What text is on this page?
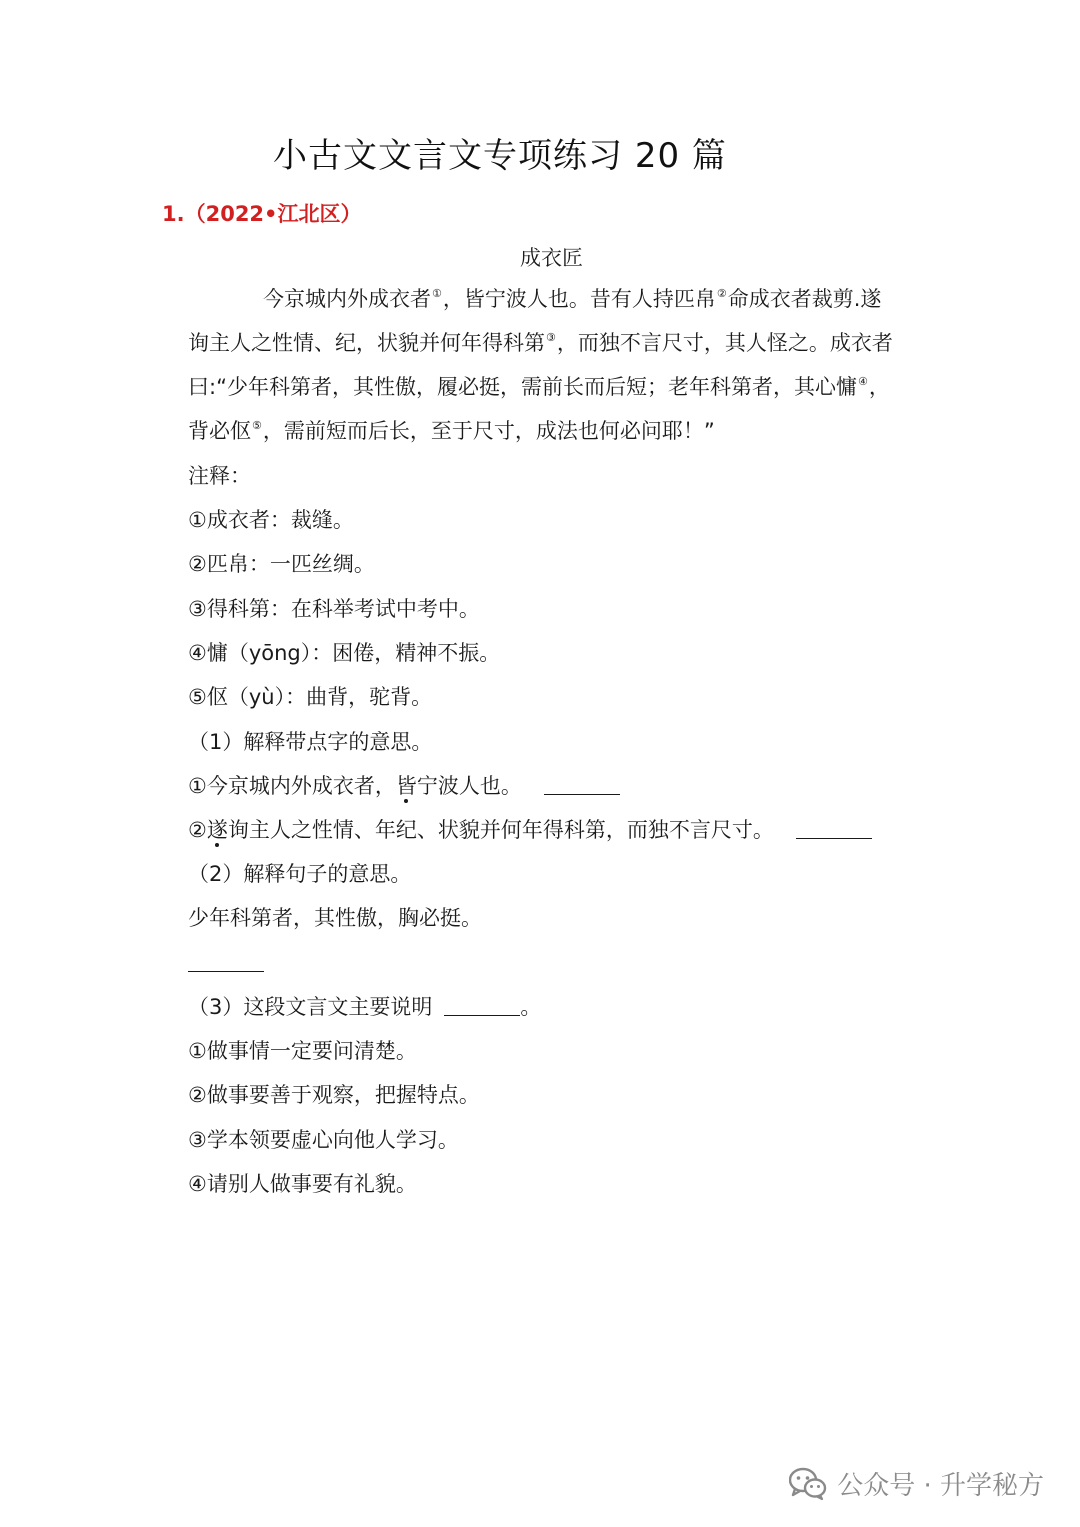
小古文文言文专项练习 20 篇
1.（2022•江北区）
成衣匠
今京城内外成衣者①，皆宁波人也。昔有人持匹帛②命成衣者裁剪.遂
询主人之性情、纪，状貌并何年得科第③，而独不言尺寸，其人怪之。成衣者
曰:“少年科第者，其性傲，履必挺，需前长而后短；老年科第者，其心慵④，
背必伛⑤，需前短而后长，至于尺寸，成法也何必问耶！”
注释：
①成衣者：裁缝。
②匹帛：一匹丝绸。
③得科第：在科举考试中考中。
④慵（yōng）：困倦，精神不振。
⑤伛（yù）：曲背，驼背。
（1）解释带点字的意思。
①今京城内外成衣者，皆宁波人也。
②遂询主人之性情、年纪、状貌并何年得科第，而独不言尺寸。
（2）解释句子的意思。
少年科第者，其性傲，胸必挺。
（3）这段文言文主要说明	。
①做事情一定要问清楚。
②做事要善于观察，把握特点。
③学本领要虚心向他人学习。
④请别人做事要有礼貌。
公众号 · 升学秘方
